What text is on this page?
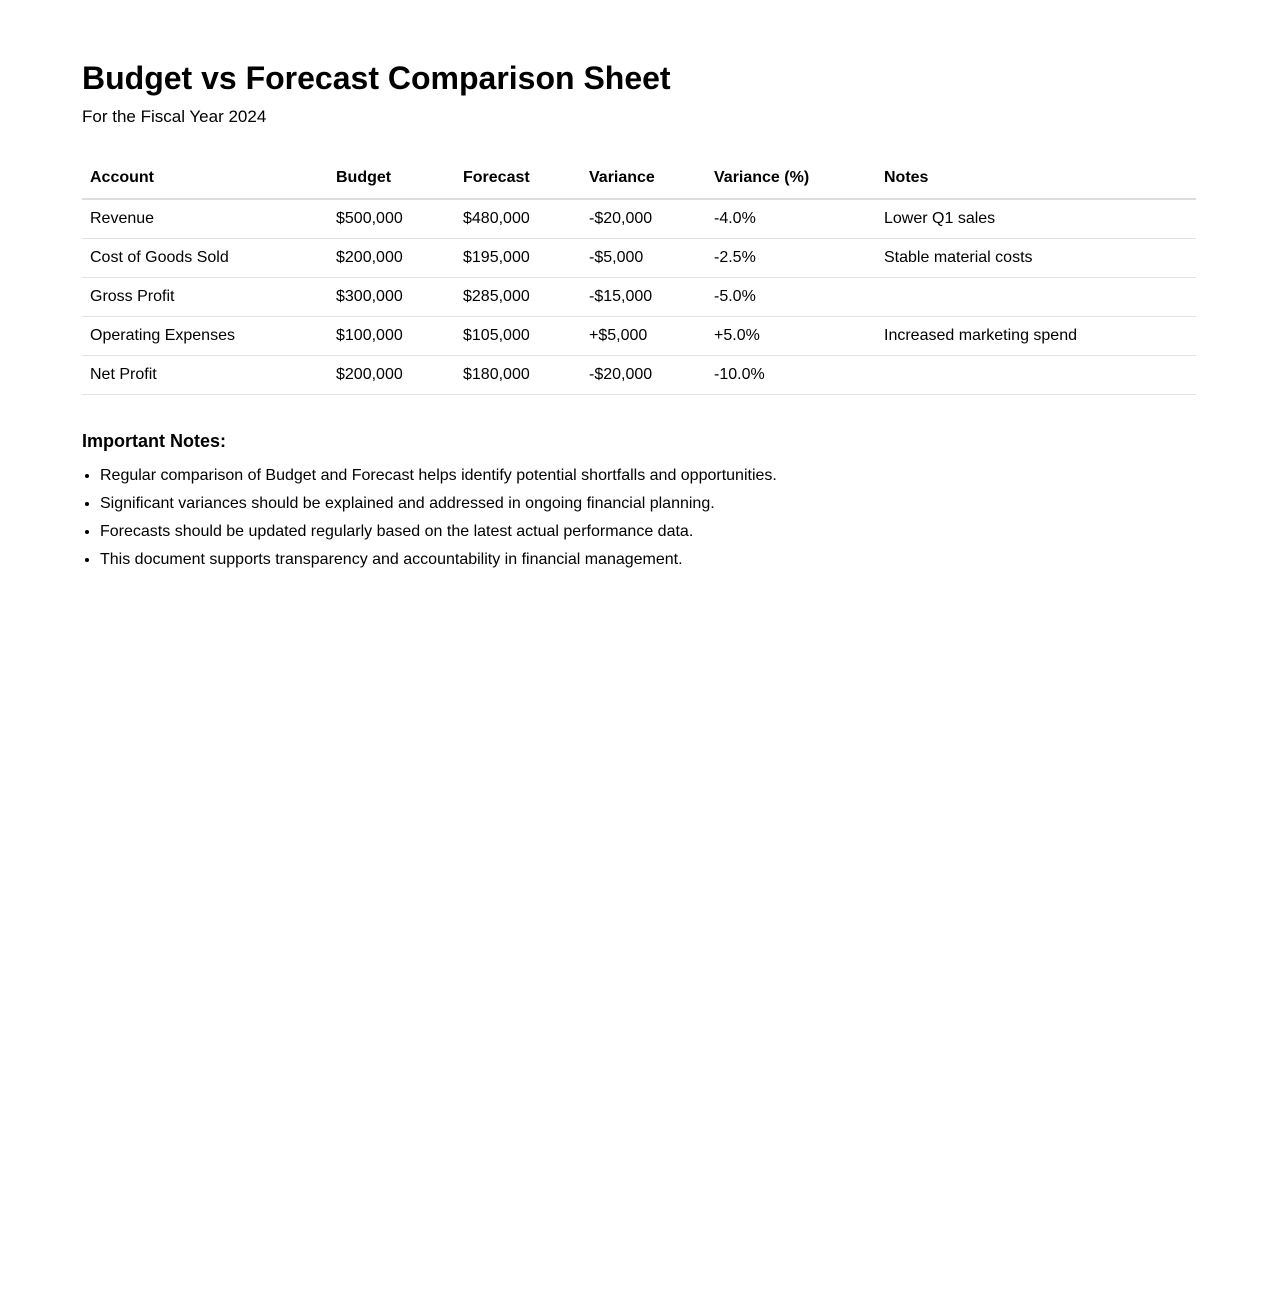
Budget vs Forecast Comparison Sheet

For the Fiscal Year 2024

Account	Budget	Forecast	Variance	Variance (%)	Notes
Revenue	$500,000	$480,000	-$20,000	-4.0%	Lower Q1 sales
Cost of Goods Sold	$200,000	$195,000	-$5,000	-2.5%	Stable material costs
Gross Profit	$300,000	$285,000	-$15,000	-5.0%	
Operating Expenses	$100,000	$105,000	+$5,000	+5.0%	Increased marketing spend
Net Profit	$200,000	$180,000	-$20,000	-10.0%	
Important Notes:
• Regular comparison of Budget and Forecast helps identify potential shortfalls and opportunities.
• Significant variances should be explained and addressed in ongoing financial planning.
• Forecasts should be updated regularly based on the latest actual performance data.
• This document supports transparency and accountability in financial management.
